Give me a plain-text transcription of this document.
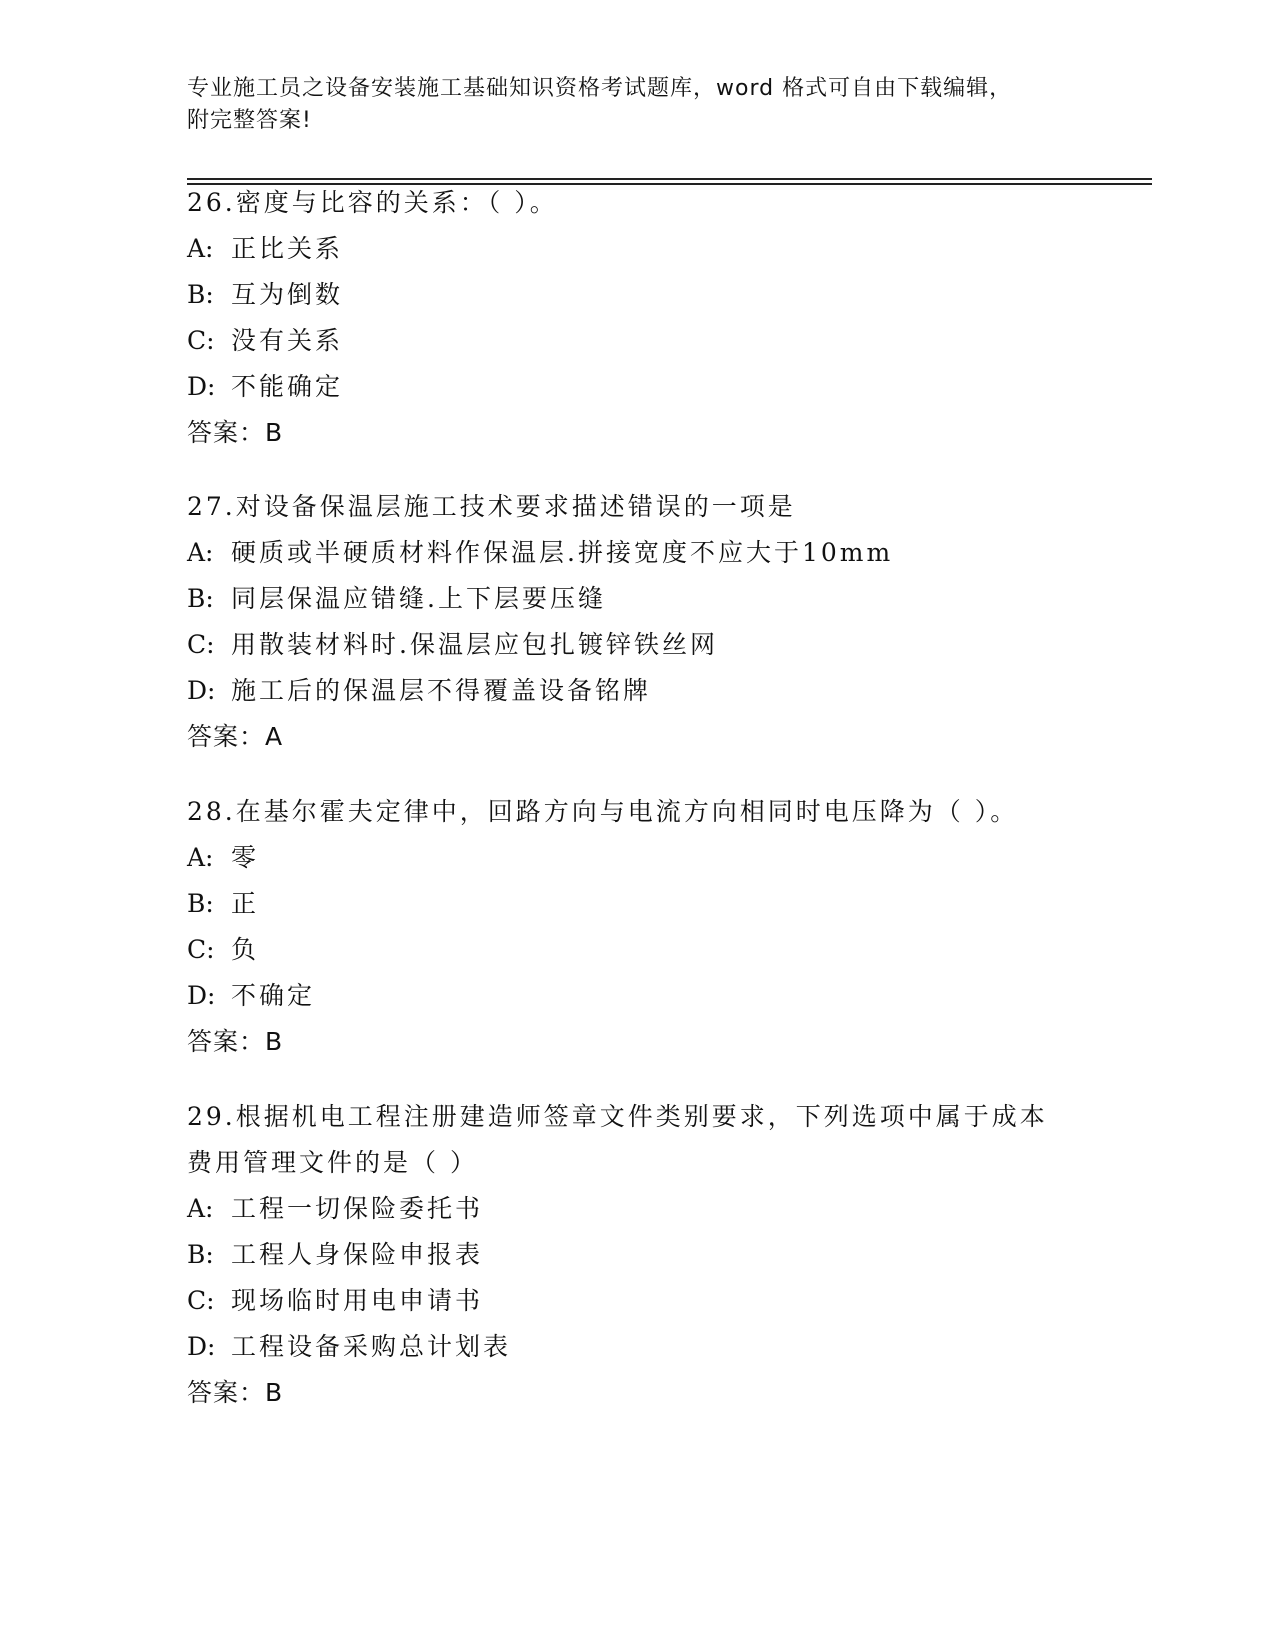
专业施工员之设备安装施工基础知识资格考试题库，word 格式可自由下载编辑，
附完整答案!
26.密度与比容的关系：（ ）。
A: 正比关系
B: 互为倒数
C: 没有关系
D: 不能确定
答案：B
27.对设备保温层施工技术要求描述错误的一项是
A: 硬质或半硬质材料作保温层.拼接宽度不应大于10mm
B: 同层保温应错缝.上下层要压缝
C: 用散装材料时.保温层应包扎镀锌铁丝网
D: 施工后的保温层不得覆盖设备铭牌
答案：A
28.在基尔霍夫定律中，回路方向与电流方向相同时电压降为（ ）。
A: 零
B: 正
C: 负
D: 不确定
答案：B
29.根据机电工程注册建造师签章文件类别要求，下列选项中属于成本
费用管理文件的是（ ）
A: 工程一切保险委托书
B: 工程人身保险申报表
C: 现场临时用电申请书
D: 工程设备采购总计划表
答案：B
